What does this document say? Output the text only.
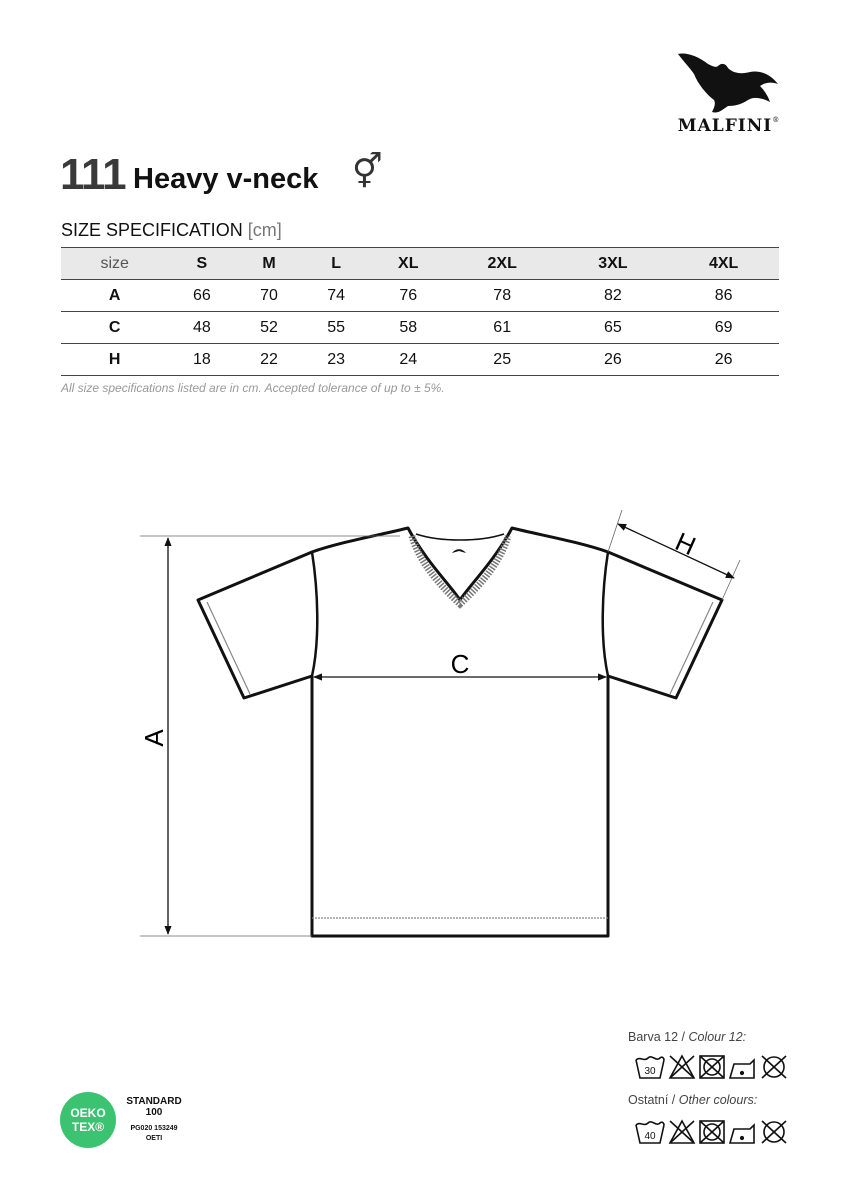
MALFINI®
111 Heavy v-neck ⚥
SIZE SPECIFICATION [cm]
size	S	M	L	XL	2XL	3XL	4XL
A	66	70	74	76	78	82	86
C	48	52	55	58	61	65	69
H	18	22	23	24	25	26	26
All size specifications listed are in cm. Accepted tolerance of up to ± 5%.
A
C
H
Barva 12 / Colour 12:
30
Ostatní / Other colours:
40
OEKO
TEX®
STANDARD
100
PG020 153249
OETI
